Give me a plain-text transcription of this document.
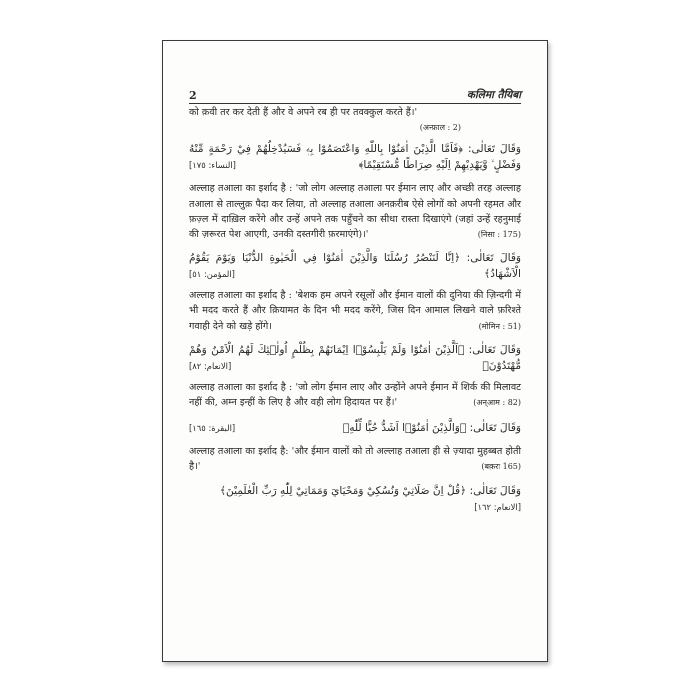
2	कलिमा तैयिबा

को क़वी तर कर देती हैं और वे अपने रब ही पर तवक्कुल करते हैं।'

(अन्फ़ाल : 2)

وَقَالَ تَعَالٰى: ﴿فَاَمَّا الَّذِيْنَ اٰمَنُوْا بِاللّٰهِ وَاعْتَصَمُوْا بِهٖ فَسَيُدْخِلُهُمْ فِيْ رَحْمَةٍ مِّنْهُ وَفَضْلٍ ۙ وَّيَهْدِيْهِمْ اِلَيْهِ صِرَاطًا مُّسْتَقِيْمًا﴾
[النساء: ١٧٥]

अल्लाह तआला का इर्शाद है : 'जो लोग अल्लाह तआला पर ईमान लाए और अच्छी तरह अल्लाह तआला से ताल्लुक़ पैदा कर लिया, तो अल्लाह तआला अनक़रीब ऐसे लोगों को अपनी रहमत और फ़ज़्ल में दाख़िल करेंगे और उन्हें अपने तक पहुँचने का सीधा रास्ता दिखाएंगे (जहां उन्हें रहनुमाई की ज़रूरत पेश आएगी, उनकी दस्तगीरी फ़रमाएंगे)।'	(निसा : 175)

وَقَالَ تَعَالٰى: ﴿اِنَّا لَنَنْصُرُ رُسُلَنَا وَالَّذِيْنَ اٰمَنُوْا فِي الْحَيٰوةِ الدُّنْيَا وَيَوْمَ يَقُوْمُ الْاَشْهَادُ﴾
[المؤمن: ٥١]

अल्लाह तआला का इर्शाद है : 'बेशक हम अपने रसूलों और ईमान वालों की दुनिया की ज़िन्दगी में भी मदद करते हैं और क़ियामत के दिन भी मदद करेंगे, जिस दिन आमाल लिखने वाले फ़रिश्ते गवाही देने को खड़े होंगे।	(मोमिन : 51)

وَقَالَ تَعَالٰى: ﴿اَلَّذِيْنَ اٰمَنُوْا وَلَمْ يَلْبِسُوْۤا اِيْمَانَهُمْ بِظُلْمٍ اُولٰۤئِكَ لَهُمُ الْاَمْنُ وَهُمْ مُّهْتَدُوْنَ﴾
[الانعام: ٨٢]

अल्लाह तआला का इर्शाद है : 'जो लोग ईमान लाए और उन्होंने अपने ईमान में शिर्क की मिलावट नहीं की, अम्न इन्हीं के लिए है और वही लोग हिदायत पर हैं।'	(अन्आम : 82)

وَقَالَ تَعَالٰى: ﴿وَالَّذِيْنَ اٰمَنُوْۤا اَشَدُّ حُبًّا لِّلّٰهِ﴾
[البقرة: ١٦٥]

अल्लाह तआला का इर्शाद है: 'और ईमान वालों को तो अल्लाह तआला ही से ज़्यादा मुहब्बत होती है।'	(बक़रः 165)

وَقَالَ تَعَالٰى: ﴿قُلْ اِنَّ صَلَاتِيْ وَنُسُكِيْ وَمَحْيَايَ وَمَمَاتِيْ لِلّٰهِ رَبِّ الْعٰلَمِيْنَ﴾

[الانعام: ١٦٢]
